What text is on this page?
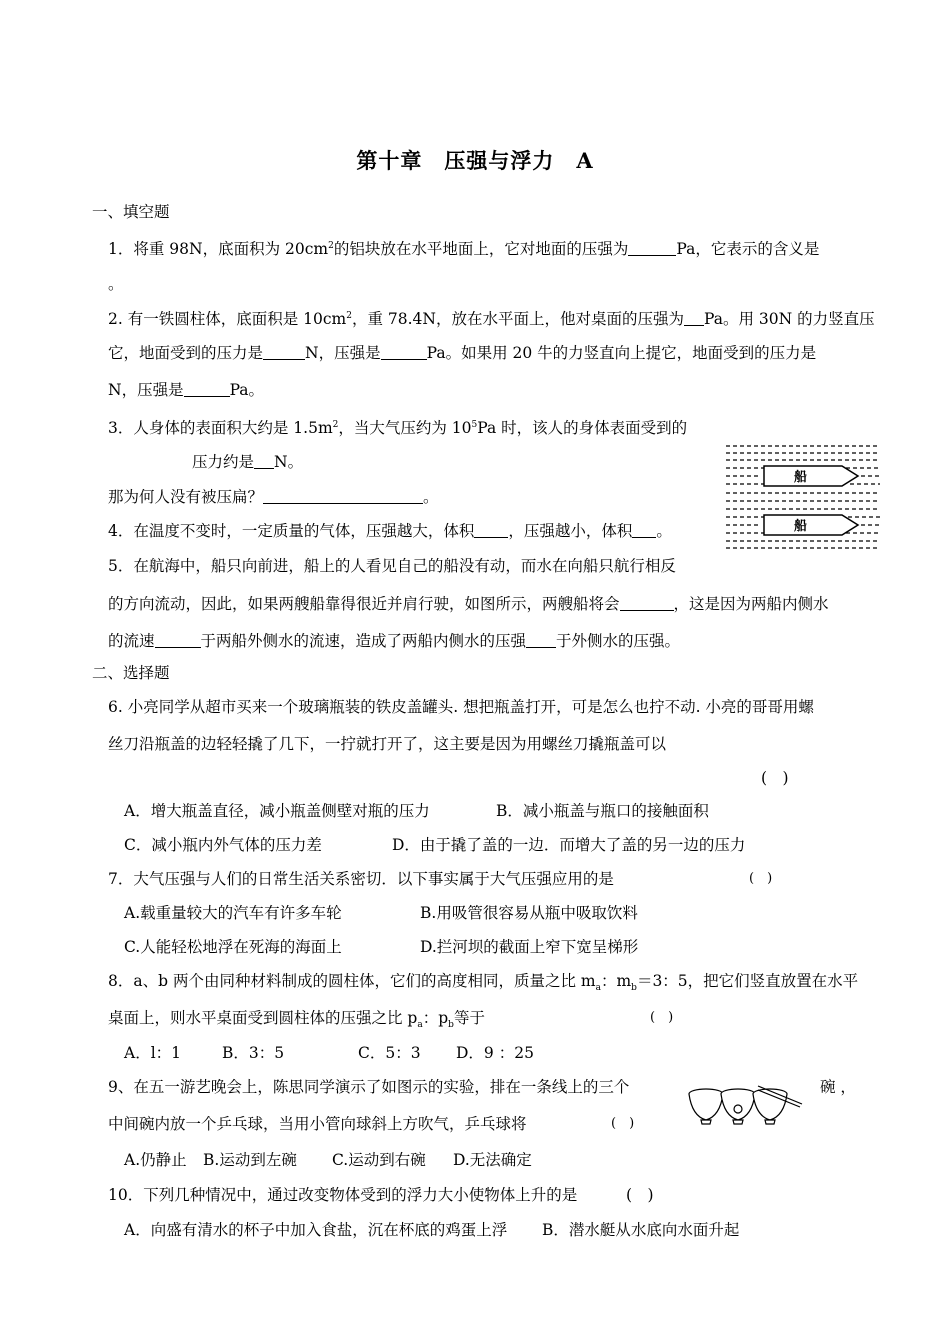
第十章　压强与浮力　A
一、填空题
1．将重 98N，底面积为 $20cm^2$的铝块放在水平地面上，它对地面的压强为	Pa，它表示的含义是
。
2. 有一铁圆柱体，底面积是 $10cm^2$，重 78.4N，放在水平面上，他对桌面的压强为 Pa。用 30N 的力竖直压
它，地面受到的压力是	N，压强是	Pa。如果用 20 牛的力竖直向上提它，地面受到的压力是
N，压强是	Pa。
3．人身体的表面积大约是 $1.5m^2$，当大气压约为 $10^5Pa$ 时，该人的身体表面受到的
压力约是 N。
那为何人没有被压扁？	。
4．在温度不变时，一定质量的气体，压强越大，体积 ，压强越小，体积 。
5．在航海中，船只向前进，船上的人看见自己的船没有动，而水在向船只航行相反
的方向流动，因此，如果两艘船靠得很近并肩行驶，如图所示，两艘船将会	，这是因为两船内侧水
的流速	于两船外侧水的流速，造成了两船内侧水的压强 于外侧水的压强。
船
船
二、选择题
6. 小亮同学从超市买来一个玻璃瓶装的铁皮盖罐头. 想把瓶盖打开，可是怎么也拧不动. 小亮的哥哥用螺
丝刀沿瓶盖的边轻轻撬了几下，一拧就打开了，这主要是因为用螺丝刀撬瓶盖可以
(　)
A．增大瓶盖直径，减小瓶盖侧壁对瓶的压力	B．减小瓶盖与瓶口的接触面积
C．减小瓶内外气体的压力差	D．由于撬了盖的一边．而增大了盖的另一边的压力
7．大气压强与人们的日常生活关系密切．以下事实属于大气压强应用的是	(　)
A.载重量较大的汽车有许多车轮	B.用吸管很容易从瓶中吸取饮料
C.人能轻松地浮在死海的海面上	D.拦河坝的截面上窄下宽呈梯形
8．a、b 两个由同种材料制成的圆柱体，它们的高度相同，质量之比 $m_a$：$m_b=3$：5，把它们竖直放置在水平
桌面上，则水平桌面受到圆柱体的压强之比 $p_a$：$p_b$等于	(　)
A．l：1	B．3：5	C．5：3 D．9 ：25
9、在五一游艺晚会上，陈思同学演示了如图示的实验，排在一条线上的三个	碗 ，
中间碗内放一个乒乓球，当用小管向球斜上方吹气，乒乓球将	(　)
A.仍静止 B.运动到左碗 C.运动到右碗 D.无法确定
10．下列几种情况中，通过改变物体受到的浮力大小使物体上升的是	(　)
A．向盛有清水的杯子中加入食盐，沉在杯底的鸡蛋上浮 B．潜水艇从水底向水面升起
